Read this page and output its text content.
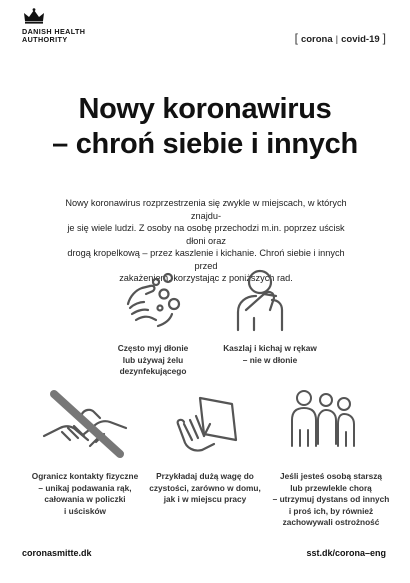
DANISH HEALTH
AUTHORITY	[ corona | covid-19 ]
Nowy koronawirus
– chroń siebie i innych
Nowy koronawirus rozprzestrzenia się zwykle w miejscach, w których znajdu-
je się wiele ludzi. Z osoby na osobę przechodzi m.in. poprzez uścisk dłoni oraz
drogą kropelkową – przez kaszlenie i kichanie. Chroń siebie i innych przed
zakażeniem, korzystając z poniższych rad.
Często myj dłonie
lub używaj żelu
dezynfekującego
Kaszlaj i kichaj w rękaw
– nie w dłonie
Ogranicz kontakty fizyczne
– unikaj podawania rąk,
całowania w policzki
i uścisków
Przykładaj dużą wagę do
czystości, zarówno w domu,
jak i w miejscu pracy
Jeśli jesteś osobą starszą
lub przewlekle chorą
– utrzymuj dystans od innych
i proś ich, by również
zachowywali ostrożność
coronasmitte.dk	sst.dk/corona–eng
